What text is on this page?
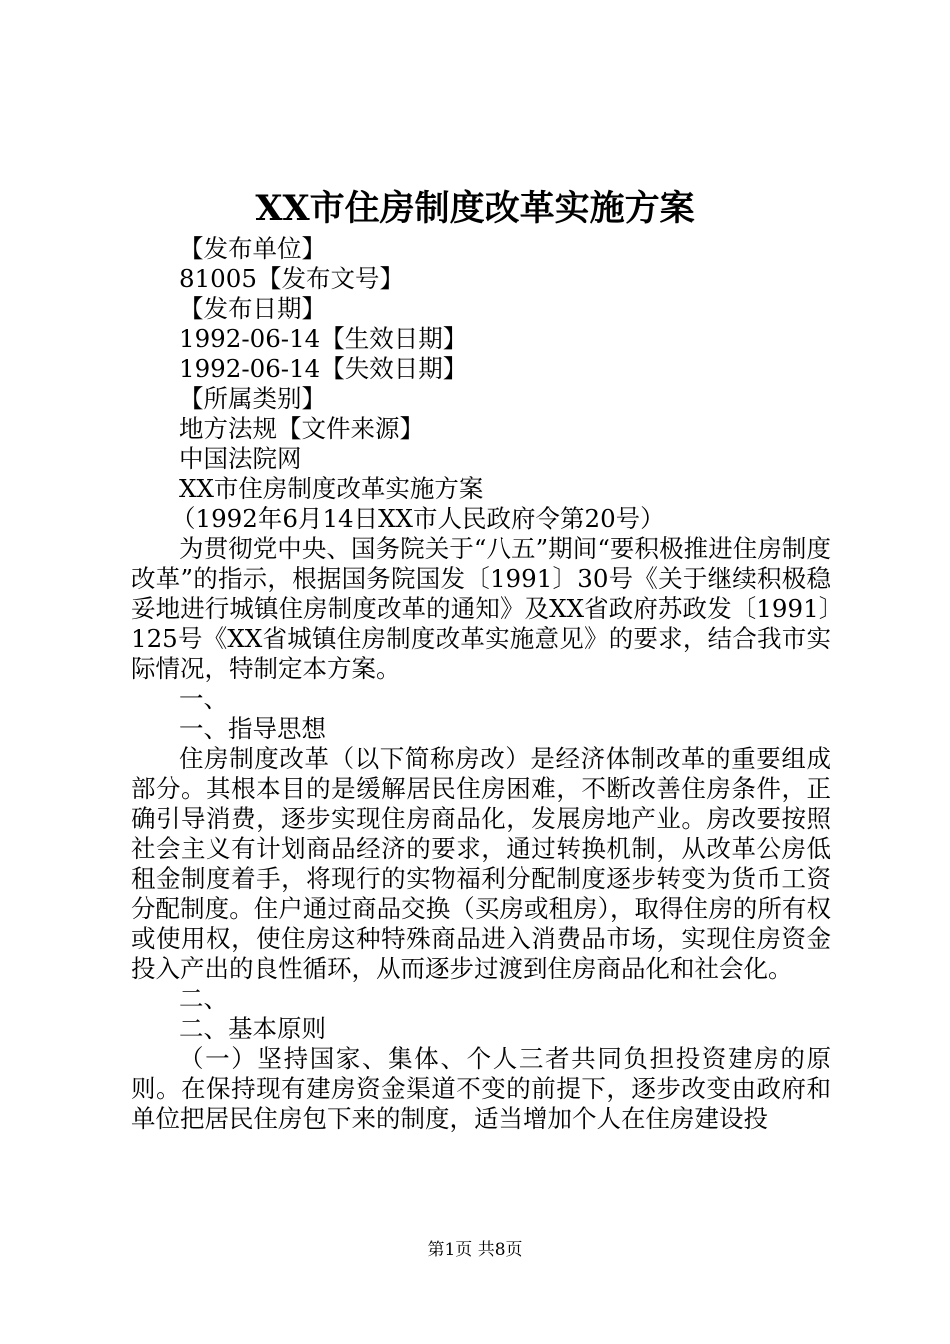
XX市住房制度改革实施方案
【发布单位】
81005【发布文号】
【发布日期】
1992-06-14【生效日期】
1992-06-14【失效日期】
【所属类别】
地方法规【文件来源】
中国法院网
XX市住房制度改革实施方案
（1992年6月14日XX市人民政府令第20号）
为贯彻党中央、国务院关于“八五”期间“要积极推进住房制度改革”的指示，根据国务院国发〔1991〕30号《关于继续积极稳妥地进行城镇住房制度改革的通知》及XX省政府苏政发〔1991〕125号《XX省城镇住房制度改革实施意见》的要求，结合我市实际情况，特制定本方案。
一、
一、指导思想
住房制度改革（以下简称房改）是经济体制改革的重要组成部分。其根本目的是缓解居民住房困难，不断改善住房条件，正确引导消费，逐步实现住房商品化，发展房地产业。房改要按照社会主义有计划商品经济的要求，通过转换机制，从改革公房低租金制度着手，将现行的实物福利分配制度逐步转变为货币工资分配制度。住户通过商品交换（买房或租房），取得住房的所有权或使用权，使住房这种特殊商品进入消费品市场，实现住房资金投入产出的良性循环，从而逐步过渡到住房商品化和社会化。
二、
二、基本原则
（一）坚持国家、集体、个人三者共同负担投资建房的原则。在保持现有建房资金渠道不变的前提下，逐步改变由政府和单位把居民住房包下来的制度，适当增加个人在住房建设投
第1页 共8页
